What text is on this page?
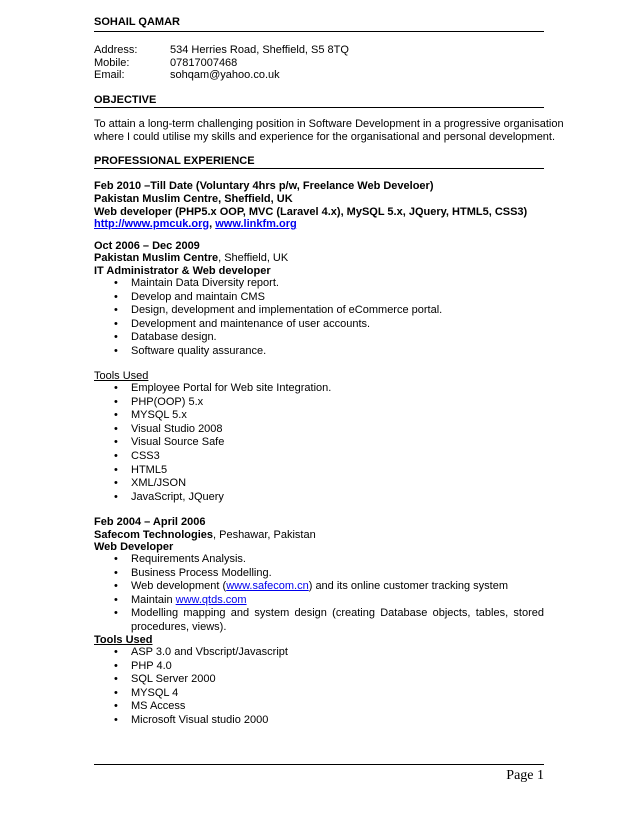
SOHAIL QAMAR
Address:	534 Herries Road, Sheffield, S5 8TQ
Mobile:	07817007468
Email:	sohqam@yahoo.co.uk
OBJECTIVE
To attain a long-term challenging position in Software Development in a progressive organisation
where I could utilise my skills and experience for the organisational and personal development.
PROFESSIONAL EXPERIENCE
Feb 2010 –Till Date (Voluntary 4hrs p/w, Freelance Web Develoer)
Pakistan Muslim Centre, Sheffield, UK
Web developer (PHP5.x OOP, MVC (Laravel 4.x), MySQL 5.x, JQuery, HTML5, CSS3)
http://www.pmcuk.org, www.linkfm.org
Oct 2006 – Dec 2009
Pakistan Muslim Centre, Sheffield, UK
IT Administrator & Web developer
• Maintain Data Diversity report.
• Develop and maintain CMS
• Design, development and implementation of eCommerce portal.
• Development and maintenance of user accounts.
• Database design.
• Software quality assurance.
Tools Used
• Employee Portal for Web site Integration.
• PHP(OOP) 5.x
• MYSQL 5.x
• Visual Studio 2008
• Visual Source Safe
• CSS3
• HTML5
• XML/JSON
• JavaScript, JQuery
Feb 2004 – April 2006
Safecom Technologies, Peshawar, Pakistan
Web Developer
• Requirements Analysis.
• Business Process Modelling.
• Web development (www.safecom.cn) and its online customer tracking system
• Maintain www.qtds.com
• Modelling mapping and system design (creating Database objects, tables, stored procedures, views).
Tools Used
• ASP 3.0 and Vbscript/Javascript
• PHP 4.0
• SQL Server 2000
• MYSQL 4
• MS Access
• Microsoft Visual studio 2000
Page 1
